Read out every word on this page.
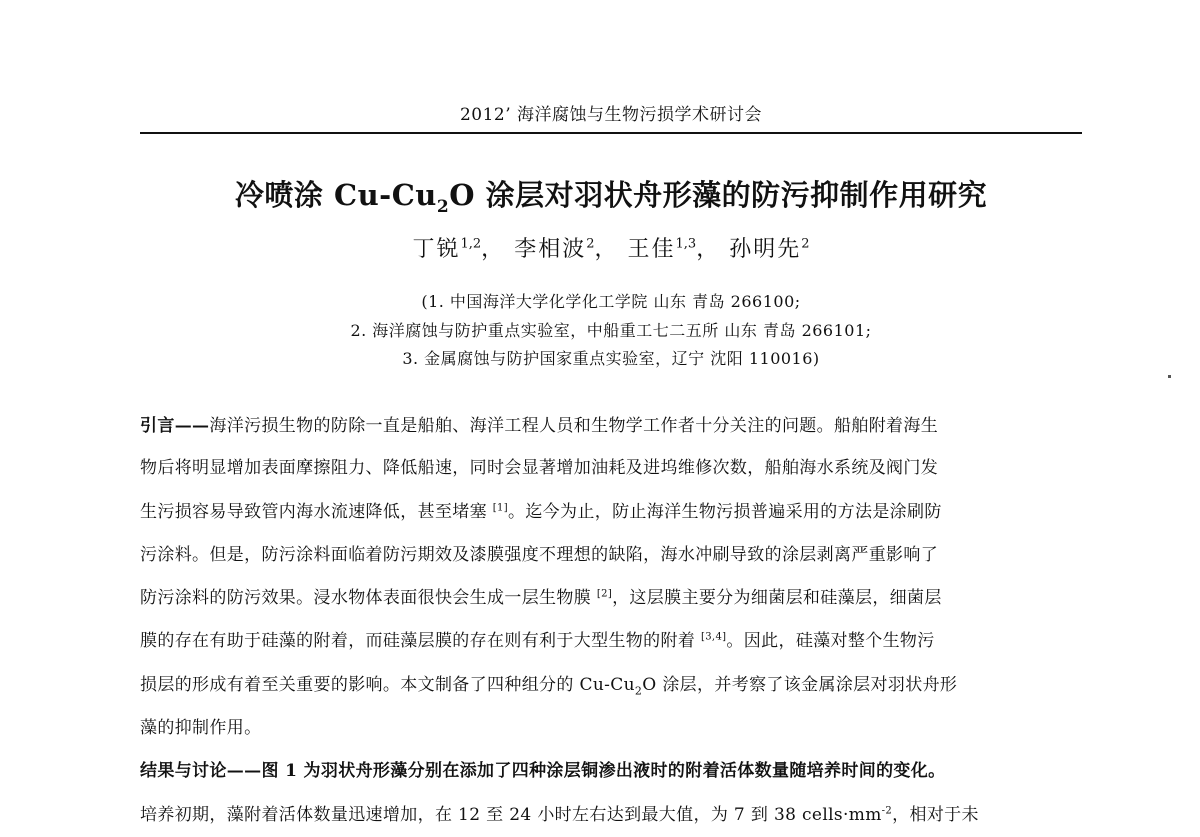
2012’ 海洋腐蚀与生物污损学术研讨会
冷喷涂 $Cu-Cu_2O$ 涂层对羽状舟形藻的防污抑制作用研究
丁锐$^{1,2}$， 李相波$^2$， 王佳$^{1,3}$， 孙明先$^2$
(1. 中国海洋大学化学化工学院 山东 青岛 266100;
2. 海洋腐蚀与防护重点实验室，中船重工七二五所 山东 青岛 266101;
3. 金属腐蚀与防护国家重点实验室，辽宁 沈阳 110016)
引言——海洋污损生物的防除一直是船舶、海洋工程人员和生物学工作者十分关注的问题。船舶附着海生
物后将明显增加表面摩擦阻力、降低船速，同时会显著增加油耗及进坞维修次数，船舶海水系统及阀门发
生污损容易导致管内海水流速降低，甚至堵塞 [1]。迄今为止，防止海洋生物污损普遍采用的方法是涂刷防
污涂料。但是，防污涂料面临着防污期效及漆膜强度不理想的缺陷，海水冲刷导致的涂层剥离严重影响了
防污涂料的防污效果。浸水物体表面很快会生成一层生物膜 [2]，这层膜主要分为细菌层和硅藻层，细菌层
膜的存在有助于硅藻的附着，而硅藻层膜的存在则有利于大型生物的附着 [3,4]。因此，硅藻对整个生物污
损层的形成有着至关重要的影响。本文制备了四种组分的 $Cu-Cu_2O$ 涂层，并考察了该金属涂层对羽状舟形
藻的抑制作用。
结果与讨论——图 1 为羽状舟形藻分别在添加了四种涂层铜渗出液时的附着活体数量随培养时间的变化。
培养初期，藻附着活体数量迅速增加，在 12 至 24 小时左右达到最大值，为 7 到 38 $cells\cdot mm^{-2}$，相对于未
